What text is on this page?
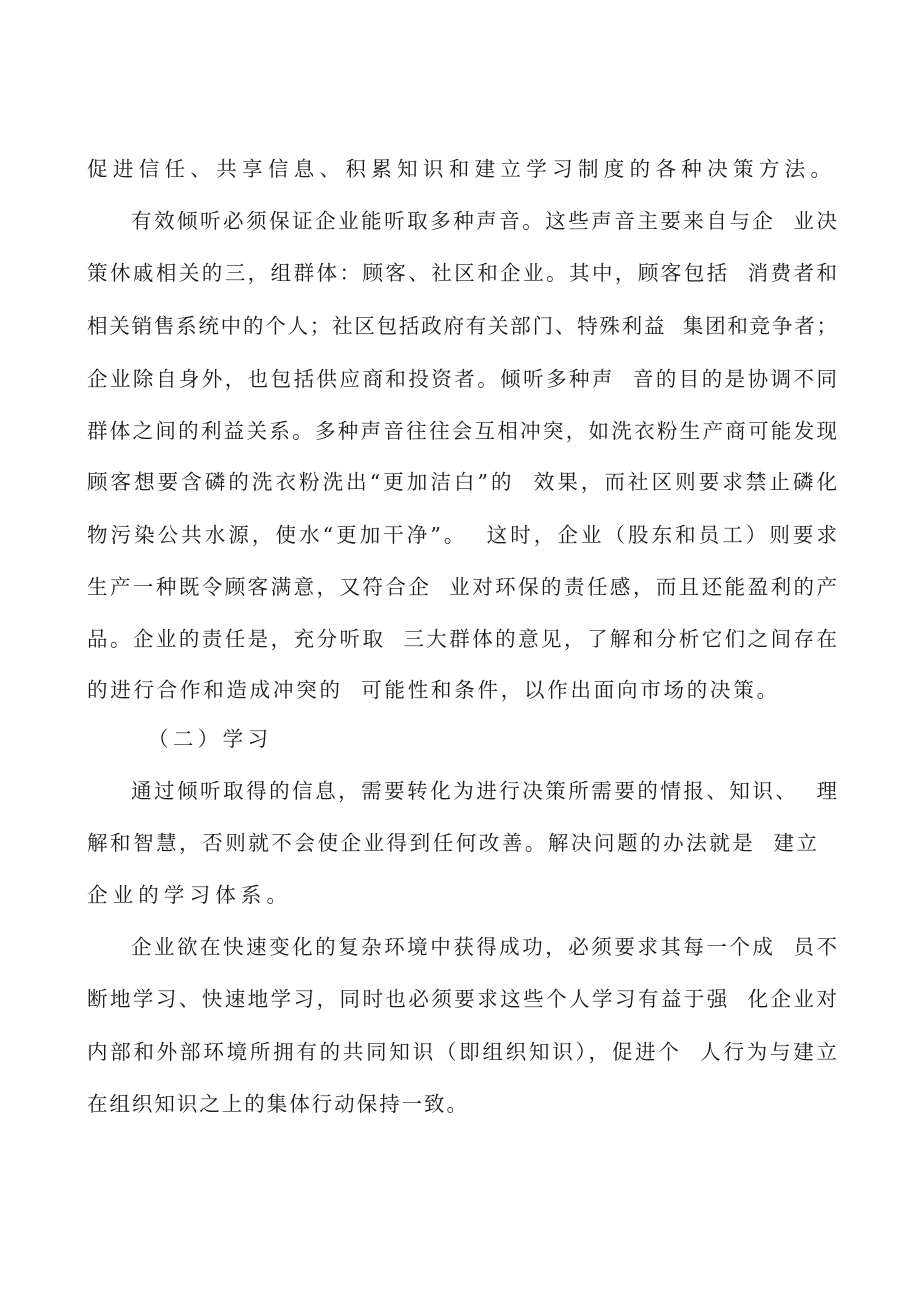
促进信任、共享信息、积累知识和建立学习制度的各种决策方法。
有效倾听必须保证企业能听取多种声音。这些声音主要来自与企  业决
策休戚相关的三，组群体：顾客、社区和企业。其中，顾客包括  消费者和
相关销售系统中的个人；社区包括政府有关部门、特殊利益  集团和竞争者；
企业除自身外，也包括供应商和投资者。倾听多种声  音的目的是协调不同
群体之间的利益关系。多种声音往往会互相冲突，如洗衣粉生产商可能发现
顾客想要含磷的洗衣粉洗出“更加洁白”的  效果，而社区则要求禁止磷化
物污染公共水源，使水“更加干净”。  这时，企业（股东和员工）则要求
生产一种既令顾客满意，又符合企  业对环保的责任感，而且还能盈利的产
品。企业的责任是，充分听取  三大群体的意见，了解和分析它们之间存在
的进行合作和造成冲突的  可能性和条件，以作出面向市场的决策。
（二）学习
通过倾听取得的信息，需要转化为进行决策所需要的情报、知识、  理
解和智慧，否则就不会使企业得到任何改善。解决问题的办法就是  建立
企业的学习体系。
企业欲在快速变化的复杂环境中获得成功，必须要求其每一个成  员不
断地学习、快速地学习，同时也必须要求这些个人学习有益于强  化企业对
内部和外部环境所拥有的共同知识（即组织知识），促进个  人行为与建立
在组织知识之上的集体行动保持一致。
